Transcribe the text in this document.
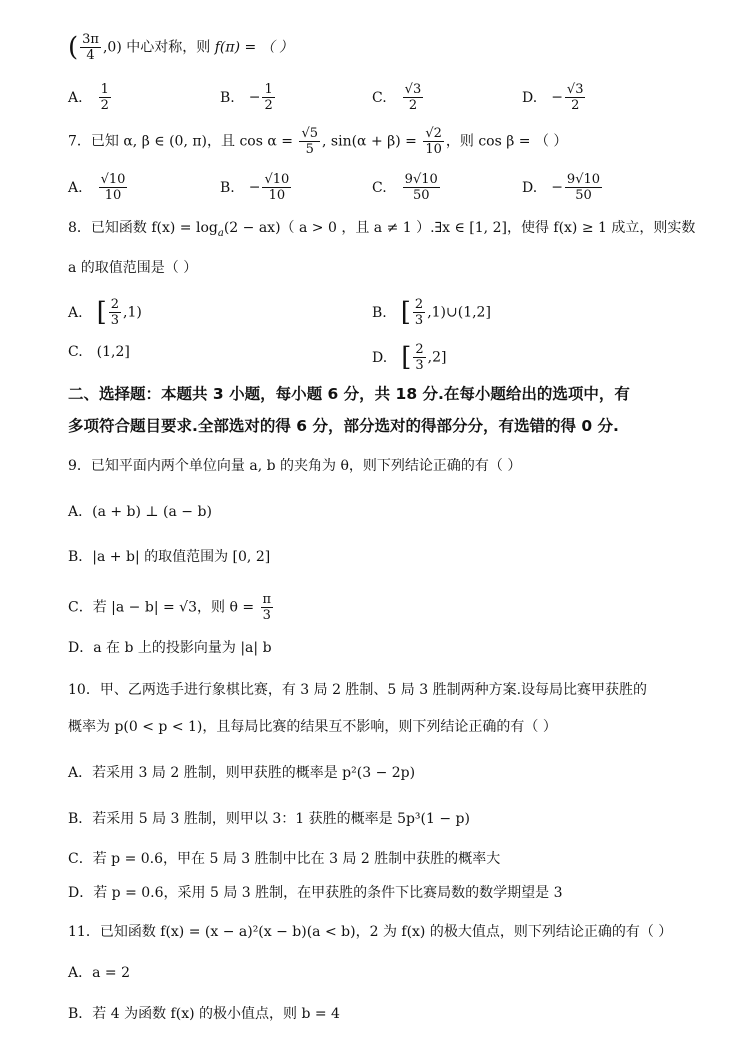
( $\frac{3\pi}{4} ,0$) 中心对称，则 f(π) = （ ）
A. $\frac{1}{2}$	B. − $\frac{1}{2}$	C. $\frac{√3}{2}$	D. − $\frac{√3}{2}$
7．已知 α, β ∈ (0, π)，且 $\cos \alpha = \frac{√5}{5}$ , $\sin(\alpha + \beta) = \frac{√2}{10}$ ，则 cos β = （ ）
A. $\frac{√10}{10}$	B. − $\frac{√10}{10}$	C. $\frac{9√10}{50}$	D. − $\frac{9√10}{50}$
8．已知函数 $f(x) = \log_a(2 - ax)$（ a > 0 ，且 a ≠ 1 ）.∃x ∈ [1, 2]，使得 f(x) ≥ 1 成立，则实数
a 的取值范围是（ ）
A. [ $\frac{2}{3} ,1$)	B. [ $\frac{2}{3}$ ,1)∪(1,2]
C. (1,2]	D. [ $\frac{2}{3} ,2$]
二、选择题：本题共 3 小题，每小题 6 分，共 18 分.在每小题给出的选项中，有
多项符合题目要求.全部选对的得 6 分，部分选对的得部分分，有选错的得 0 分.
9．已知平面内两个单位向量 a, b 的夹角为 θ，则下列结论正确的有（ ）
A．(a + b) ⊥ (a − b)
B．|a + b| 的取值范围为 [0, 2]
C．若 |a − b| = √3，则 $\theta = \frac{\pi}{3}$
D．a 在 b 上的投影向量为 |a| b
10．甲、乙两选手进行象棋比赛，有 3 局 2 胜制、5 局 3 胜制两种方案.设每局比赛甲获胜的
概率为 p(0 < p < 1)，且每局比赛的结果互不影响，则下列结论正确的有（ ）
A．若采用 3 局 2 胜制，则甲获胜的概率是 p²(3 − 2p)
B．若采用 5 局 3 胜制，则甲以 3：1 获胜的概率是 5p³(1 − p)
C．若 p = 0.6，甲在 5 局 3 胜制中比在 3 局 2 胜制中获胜的概率大
D．若 p = 0.6，采用 5 局 3 胜制，在甲获胜的条件下比赛局数的数学期望是 3
11．已知函数 f(x) = (x − a)²(x − b)(a < b)，2 为 f(x) 的极大值点，则下列结论正确的有（ ）
A．a = 2
B．若 4 为函数 f(x) 的极小值点，则 b = 4
